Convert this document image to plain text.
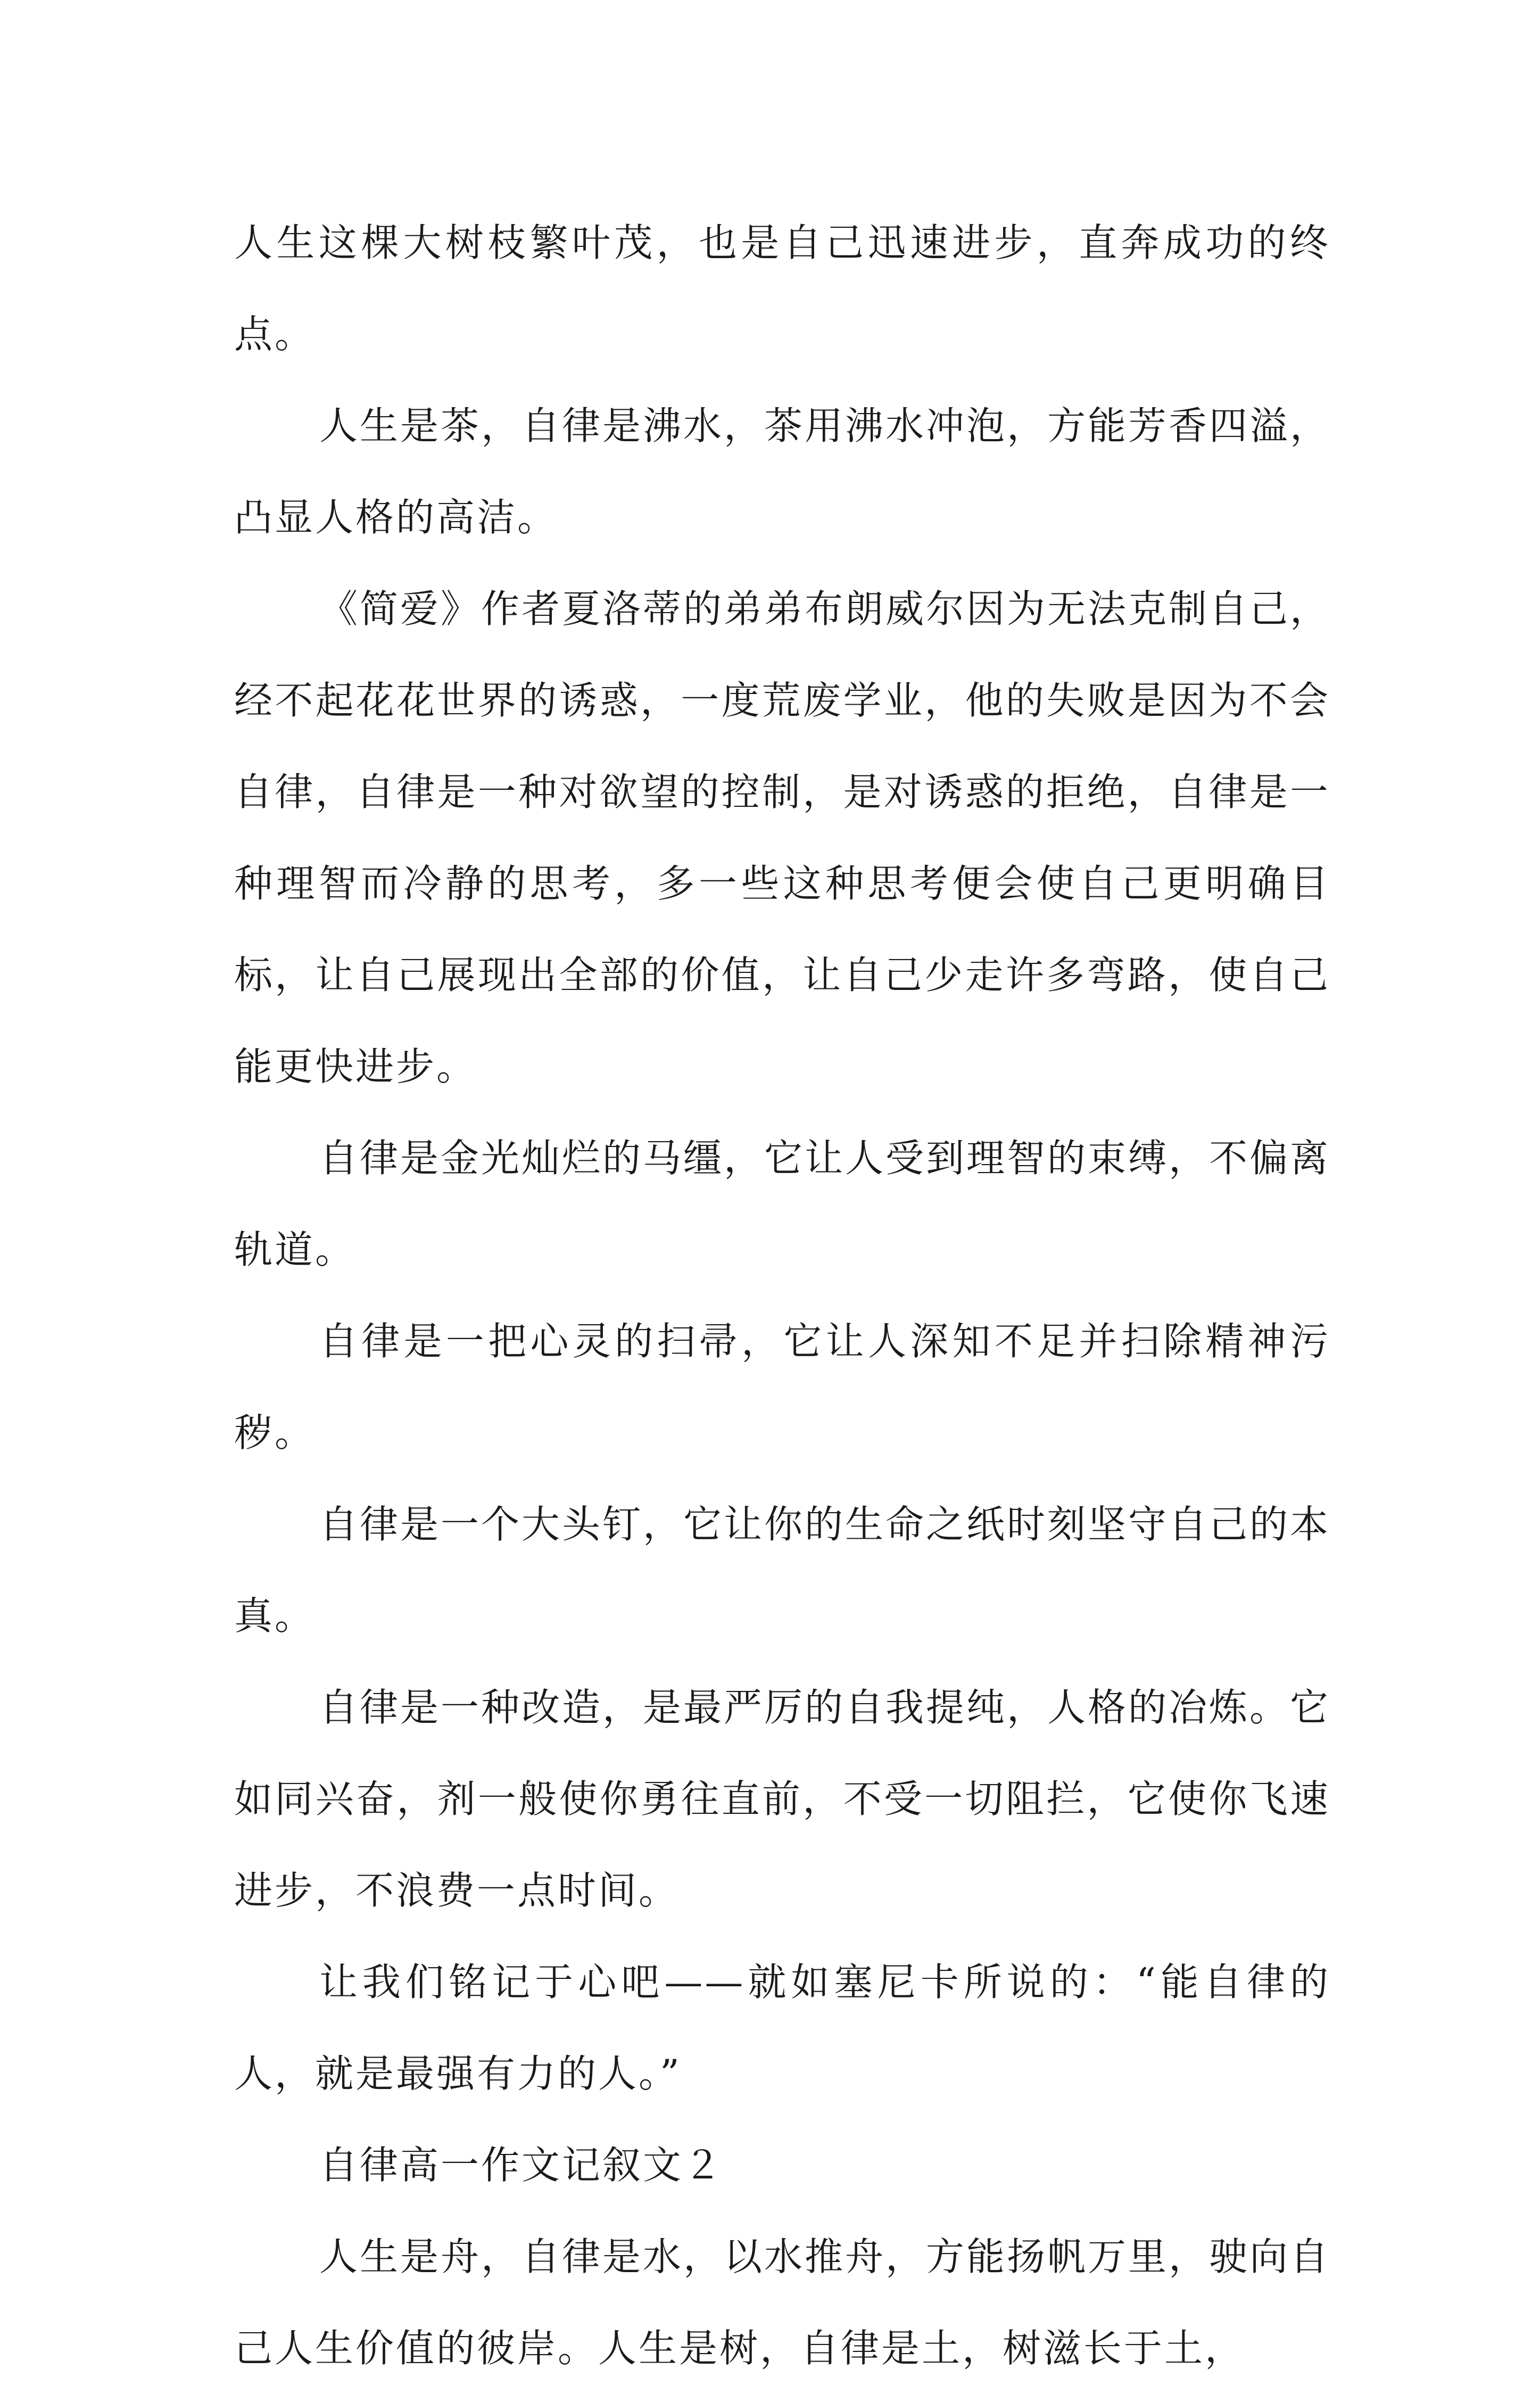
人生这棵大树枝繁叶茂，也是自己迅速进步，直奔成功的终点。

人生是茶，自律是沸水，茶用沸水冲泡，方能芳香四溢，凸显人格的高洁。

《简爱》作者夏洛蒂的弟弟布朗威尔因为无法克制自己，经不起花花世界的诱惑，一度荒废学业，他的失败是因为不会自律，自律是一种对欲望的控制，是对诱惑的拒绝，自律是一种理智而冷静的思考，多一些这种思考便会使自己更明确目标，让自己展现出全部的价值，让自己少走许多弯路，使自己能更快进步。

自律是金光灿烂的马缰，它让人受到理智的束缚，不偏离轨道。

自律是一把心灵的扫帚，它让人深知不足并扫除精神污秽。

自律是一个大头钉，它让你的生命之纸时刻坚守自己的本真。

自律是一种改造，是最严厉的自我提纯，人格的冶炼。它如同兴奋，剂一般使你勇往直前，不受一切阻拦，它使你飞速进步，不浪费一点时间。

让我们铭记于心吧——就如塞尼卡所说的：“能自律的人，就是最强有力的人。”

自律高一作文记叙文２

人生是舟，自律是水，以水推舟，方能扬帆万里，驶向自己人生价值的彼岸。人生是树，自律是土，树滋长于土，
